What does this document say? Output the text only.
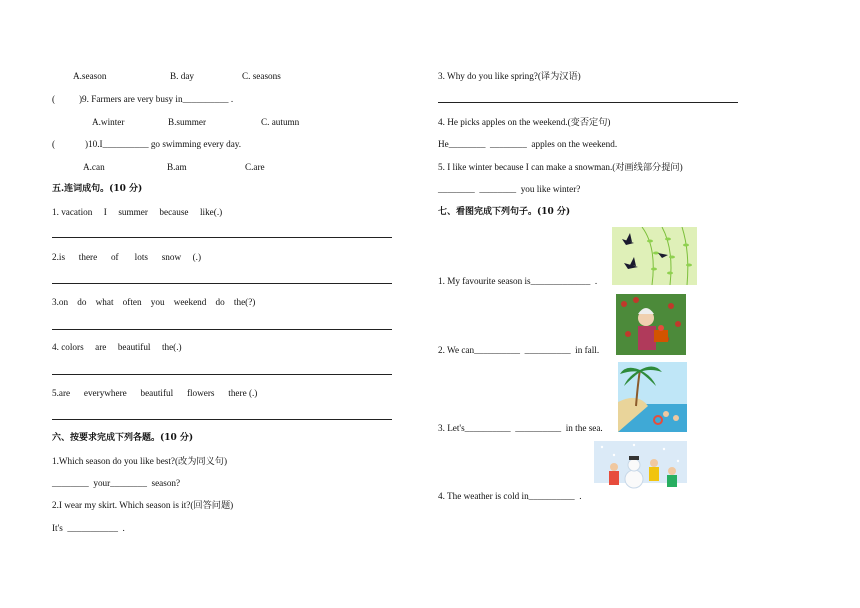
A.season	B. day	C. seasons
(	)9. Farmers are very busy in__________ .
A.winter	B.summer	C. autumn
(	)10.I__________ go swimming every day.
A.can	B.am	C.are
五.连词成句。(10 分)
1. vacation     I     summer     because     like(.)
2.is      there      of       lots      snow     (.)
3.on    do    what    often    you    weekend    do    the(?)
4. colors     are     beautiful     the(.)
5.are      everywhere      beautiful      flowers      there (.)
六、按要求完成下列各题。(10 分)
1.Which season do you like best?(改为同义句)
________  your________  season?
2.I wear my skirt. Which season is it?(回答问题)
It's  ___________  .
3. Why do you like spring?(译为汉语)
4. He picks apples on the weekend.(变否定句)
He________  ________  apples on the weekend.
5. I like winter because I can make a snowman.(对画线部分提问)
________  ________  you like winter?
七、看图完成下列句子。(10 分)
1. My favourite season is_____________  .
2. We can__________  __________  in fall.
3. Let's__________  __________  in the sea.
4. The weather is cold in__________  .
